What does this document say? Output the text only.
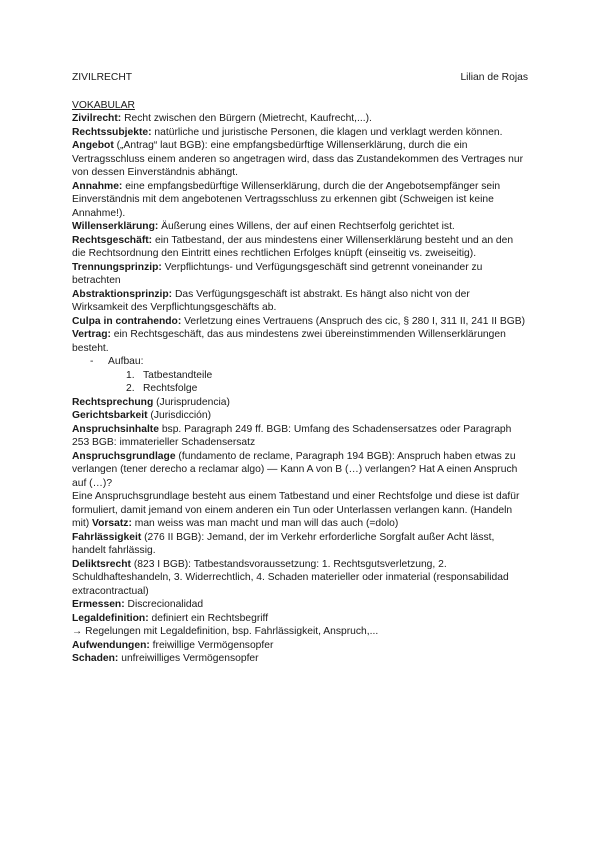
ZIVILRECHT	Lilian de Rojas
VOKABULAR

Zivilrecht: Recht zwischen den Bürgern (Mietrecht, Kaufrecht,...).

Rechtssubjekte: natürliche und juristische Personen, die klagen und verklagt werden können.

Angebot („Antrag“ laut BGB): eine empfangsbedürftige Willenserklärung, durch die ein Vertragsschluss einem anderen so angetragen wird, dass das Zustandekommen des Vertrages nur von dessen Einverständnis abhängt.

Annahme: eine empfangsbedürftige Willenserklärung, durch die der Angebotsempfänger sein Einverständnis mit dem angebotenen Vertragsschluss zu erkennen gibt (Schweigen ist keine Annahme!).

Willenserklärung: Äußerung eines Willens, der auf einen Rechtserfolg gerichtet ist.

Rechtsgeschäft: ein Tatbestand, der aus mindestens einer Willenserklärung besteht und an den die Rechtsordnung den Eintritt eines rechtlichen Erfolges knüpft (einseitig vs. zweiseitig).

Trennungsprinzip: Verpflichtungs- und Verfügungsgeschäft sind getrennt voneinander zu betrachten

Abstraktionsprinzip: Das Verfügungsgeschäft ist abstrakt. Es hängt also nicht von der Wirksamkeit des Verpflichtungsgeschäfts ab.

Culpa in contrahendo: Verletzung eines Vertrauens (Anspruch des cic, § 280 I, 311 II, 241 II BGB)

Vertrag: ein Rechtsgeschäft, das aus mindestens zwei übereinstimmenden Willenserklärungen besteht.

- Aufbau:
1. Tatbestandteile
2. Rechtsfolge

Rechtsprechung (Jurisprudencia)

Gerichtsbarkeit (Jurisdicción)

Anspruchsinhalte bsp. Paragraph 249 ff. BGB: Umfang des Schadensersatzes oder Paragraph 253 BGB: immaterieller Schadensersatz

Anspruchsgrundlage (fundamento de reclame, Paragraph 194 BGB): Anspruch haben etwas zu verlangen (tener derecho a reclamar algo) — Kann A von B (…) verlangen? Hat A einen Anspruch auf (…)?

Eine Anspruchsgrundlage besteht aus einem Tatbestand und einer Rechtsfolge und diese ist dafür formuliert, damit jemand von einem anderen ein Tun oder Unterlassen verlangen kann. (Handeln mit) Vorsatz: man weiss was man macht und man will das auch (=dolo)

Fahrlässigkeit (276 II BGB): Jemand, der im Verkehr erforderliche Sorgfalt außer Acht lässt, handelt fahrlässig.

Deliktsrecht (823 I BGB): Tatbestandsvoraussetzung: 1. Rechtsgutsverletzung, 2. Schuldhafteshandeln, 3. Widerrechtlich, 4. Schaden materieller oder inmaterial (responsabilidad extracontractual)

Ermessen: Discrecionalidad

Legaldefinition: definiert ein Rechtsbegriff

→ Regelungen mit Legaldefinition, bsp. Fahrlässigkeit, Anspruch,...

Aufwendungen: freiwillige Vermögensopfer

Schaden: unfreiwilliges Vermögensopfer
